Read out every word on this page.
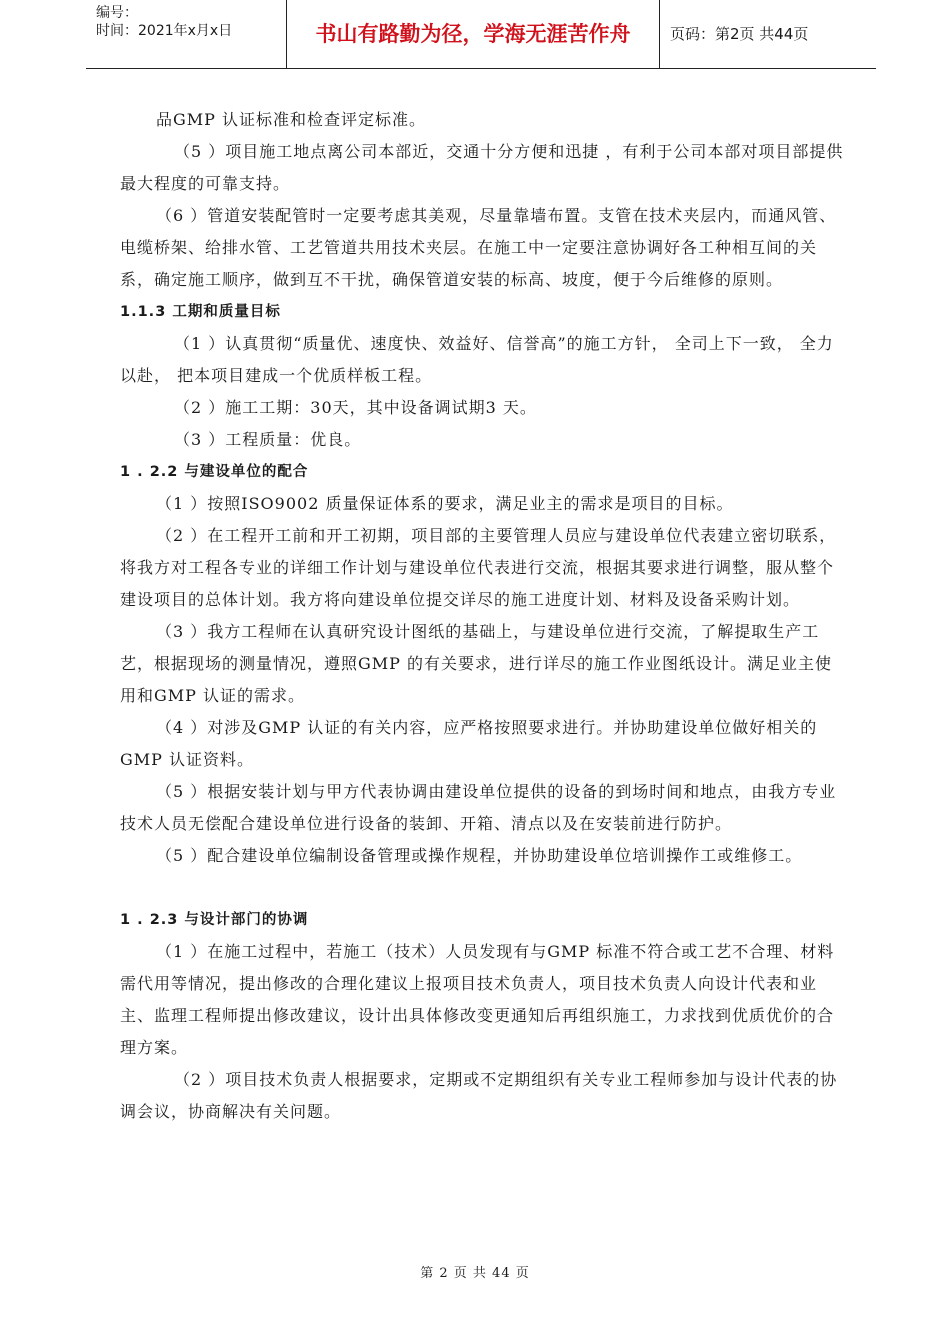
编号：
时间：2021年x月x日	书山有路勤为径，学海无涯苦作舟	页码：第2页 共44页

品GMP 认证标准和检查评定标准。

（5 ）项目施工地点离公司本部近，交通十分方便和迅捷 ，有利于公司本部对项目部提供最大程度的可靠支持。

（6 ）管道安装配管时一定要考虑其美观，尽量靠墙布置。支管在技术夹层内，而通风管、电缆桥架、给排水管、工艺管道共用技术夹层。在施工中一定要注意协调好各工种相互间的关系，确定施工顺序，做到互不干扰，确保管道安装的标高、坡度，便于今后维修的原则。

1.1.3 工期和质量目标

（1 ）认真贯彻“质量优、速度快、效益好、信誉高”的施工方针， 全司上下一致， 全力以赴， 把本项目建成一个优质样板工程。

（2 ）施工工期：30天，其中设备调试期3 天。

（3 ）工程质量：优良。

1 . 2.2 与建设单位的配合

（1 ）按照ISO9002 质量保证体系的要求，满足业主的需求是项目的目标。

（2 ）在工程开工前和开工初期，项目部的主要管理人员应与建设单位代表建立密切联系，将我方对工程各专业的详细工作计划与建设单位代表进行交流，根据其要求进行调整，服从整个建设项目的总体计划。我方将向建设单位提交详尽的施工进度计划、材料及设备采购计划。

（3 ）我方工程师在认真研究设计图纸的基础上，与建设单位进行交流，了解提取生产工艺，根据现场的测量情况，遵照GMP 的有关要求，进行详尽的施工作业图纸设计。满足业主使用和GMP 认证的需求。

（4 ）对涉及GMP 认证的有关内容，应严格按照要求进行。并协助建设单位做好相关的GMP 认证资料。

（5 ）根据安装计划与甲方代表协调由建设单位提供的设备的到场时间和地点，由我方专业技术人员无偿配合建设单位进行设备的装卸、开箱、清点以及在安装前进行防护。

（5 ）配合建设单位编制设备管理或操作规程，并协助建设单位培训操作工或维修工。

1 . 2.3 与设计部门的协调

（1 ）在施工过程中，若施工（技术）人员发现有与GMP 标准不符合或工艺不合理、材料需代用等情况，提出修改的合理化建议上报项目技术负责人，项目技术负责人向设计代表和业主、监理工程师提出修改建议，设计出具体修改变更通知后再组织施工，力求找到优质优价的合理方案。

（2 ）项目技术负责人根据要求，定期或不定期组织有关专业工程师参加与设计代表的协调会议，协商解决有关问题。

第 2 页 共 44 页
